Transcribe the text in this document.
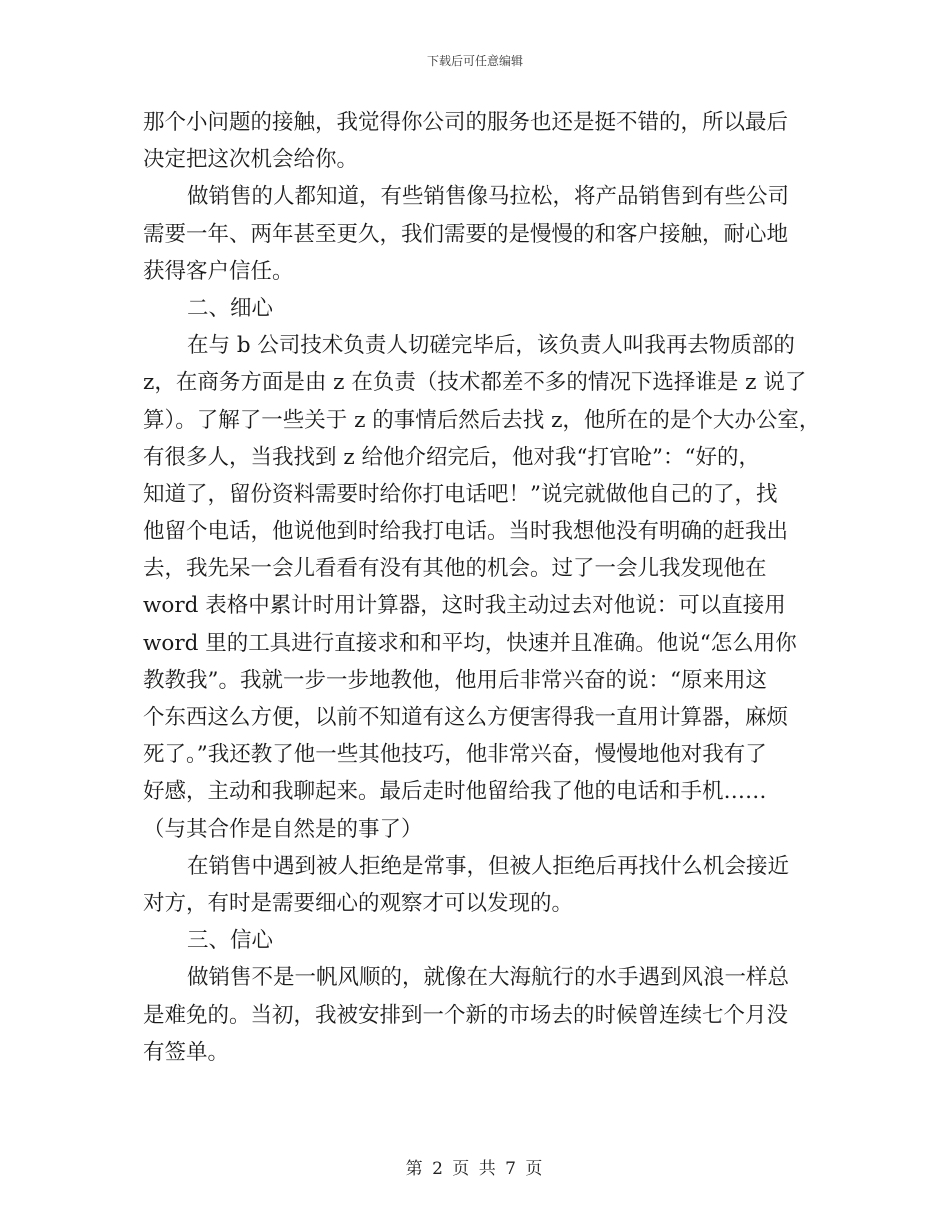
下载后可任意编辑
那个小问题的接触，我觉得你公司的服务也还是挺不错的，所以最后
决定把这次机会给你。
做销售的人都知道，有些销售像马拉松，将产品销售到有些公司
需要一年、两年甚至更久，我们需要的是慢慢的和客户接触，耐心地
获得客户信任。
二、细心
在与 b 公司技术负责人切磋完毕后，该负责人叫我再去物质部的
z，在商务方面是由 z 在负责（技术都差不多的情况下选择谁是 z 说了
算）。了解了一些关于 z 的事情后然后去找 z，他所在的是个大办公室，
有很多人，当我找到 z 给他介绍完后，他对我“打官呛”：“好的，
知道了，留份资料需要时给你打电话吧！”说完就做他自己的了，找
他留个电话，他说他到时给我打电话。当时我想他没有明确的赶我出
去，我先呆一会儿看看有没有其他的机会。过了一会儿我发现他在
word 表格中累计时用计算器，这时我主动过去对他说：可以直接用
word 里的工具进行直接求和和平均，快速并且准确。他说“怎么用你
教教我”。我就一步一步地教他，他用后非常兴奋的说：“原来用这
个东西这么方便，以前不知道有这么方便害得我一直用计算器，麻烦
死了。”我还教了他一些其他技巧，他非常兴奋，慢慢地他对我有了
好感，主动和我聊起来。最后走时他留给我了他的电话和手机……
（与其合作是自然是的事了）
在销售中遇到被人拒绝是常事，但被人拒绝后再找什么机会接近
对方，有时是需要细心的观察才可以发现的。
三、信心
做销售不是一帆风顺的，就像在大海航行的水手遇到风浪一样总
是难免的。当初，我被安排到一个新的市场去的时候曾连续七个月没
有签单。
第 2 页 共 7 页
